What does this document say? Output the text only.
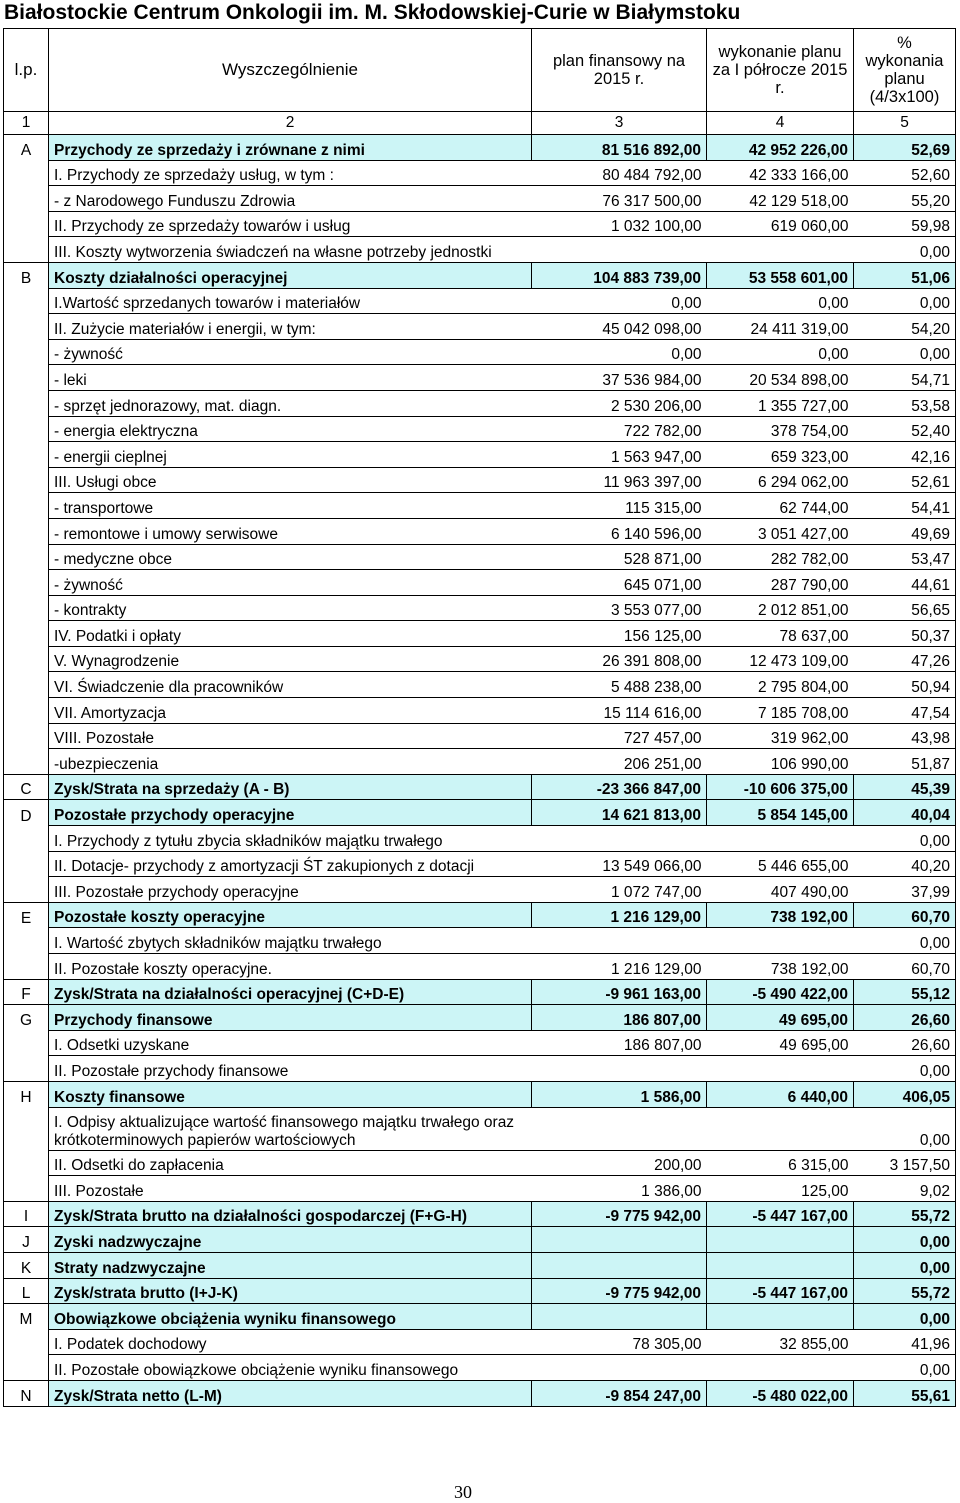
Białostockie Centrum Onkologii im. M. Skłodowskiej-Curie w Białymstoku
l.p.	Wyszczególnienie	plan finansowy na 2015 r.	wykonanie planu za I półrocze 2015 r.	% wykonania planu (4/3x100)
1	2	3	4	5
A	Przychody ze sprzedaży i zrównane z nimi	81 516 892,00	42 952 226,00	52,69
	I. Przychody ze sprzedaży usług, w tym :	80 484 792,00	42 333 166,00	52,60
	- z Narodowego Funduszu Zdrowia	76 317 500,00	42 129 518,00	55,20
	II. Przychody ze sprzedaży towarów i usług	1 032 100,00	619 060,00	59,98
	III. Koszty wytworzenia świadczeń na własne potrzeby jednostki			0,00
B	Koszty działalności operacyjnej	104 883 739,00	53 558 601,00	51,06
	I.Wartość sprzedanych towarów i materiałów	0,00	0,00	0,00
	II. Zużycie materiałów i energii, w tym:	45 042 098,00	24 411 319,00	54,20
	- żywność	0,00	0,00	0,00
	- leki	37 536 984,00	20 534 898,00	54,71
	- sprzęt jednorazowy, mat. diagn.	2 530 206,00	1 355 727,00	53,58
	- energia elektryczna	722 782,00	378 754,00	52,40
	- energii cieplnej	1 563 947,00	659 323,00	42,16
	III. Usługi obce	11 963 397,00	6 294 062,00	52,61
	- transportowe	115 315,00	62 744,00	54,41
	- remontowe i umowy serwisowe	6 140 596,00	3 051 427,00	49,69
	- medyczne obce	528 871,00	282 782,00	53,47
	- żywność	645 071,00	287 790,00	44,61
	- kontrakty	3 553 077,00	2 012 851,00	56,65
	IV. Podatki i opłaty	156 125,00	78 637,00	50,37
	V. Wynagrodzenie	26 391 808,00	12 473 109,00	47,26
	VI. Świadczenie dla pracowników	5 488 238,00	2 795 804,00	50,94
	VII. Amortyzacja	15 114 616,00	7 185 708,00	47,54
	VIII. Pozostałe	727 457,00	319 962,00	43,98
	-ubezpieczenia	206 251,00	106 990,00	51,87
C	Zysk/Strata na sprzedaży (A - B)	-23 366 847,00	-10 606 375,00	45,39
D	Pozostałe przychody operacyjne	14 621 813,00	5 854 145,00	40,04
	I. Przychody z tytułu zbycia składników majątku trwałego			0,00
	II. Dotacje- przychody z amortyzacji ŚT zakupionych z dotacji	13 549 066,00	5 446 655,00	40,20
	III. Pozostałe przychody operacyjne	1 072 747,00	407 490,00	37,99
E	Pozostałe koszty operacyjne	1 216 129,00	738 192,00	60,70
	I. Wartość zbytych składników majątku trwałego			0,00
	II. Pozostałe koszty operacyjne.	1 216 129,00	738 192,00	60,70
F	Zysk/Strata na działalności operacyjnej (C+D-E)	-9 961 163,00	-5 490 422,00	55,12
G	Przychody finansowe	186 807,00	49 695,00	26,60
	I. Odsetki uzyskane	186 807,00	49 695,00	26,60
	II. Pozostałe przychody finansowe			0,00
H	Koszty finansowe	1 586,00	6 440,00	406,05
	I. Odpisy aktualizujące wartość finansowego majątku trwałego oraz krótkoterminowych papierów wartościowych			0,00
	II. Odsetki do zapłacenia	200,00	6 315,00	3 157,50
	III. Pozostałe	1 386,00	125,00	9,02
I	Zysk/Strata brutto na działalności gospodarczej (F+G-H)	-9 775 942,00	-5 447 167,00	55,72
J	Zyski nadzwyczajne			0,00
K	Straty nadzwyczajne			0,00
L	Zysk/strata brutto (I+J-K)	-9 775 942,00	-5 447 167,00	55,72
M	Obowiązkowe obciążenia wyniku finansowego			0,00
	I. Podatek dochodowy	78 305,00	32 855,00	41,96
	II. Pozostałe obowiązkowe obciążenie wyniku finansowego			0,00
N	Zysk/Strata netto (L-M)	-9 854 247,00	-5 480 022,00	55,61
30
